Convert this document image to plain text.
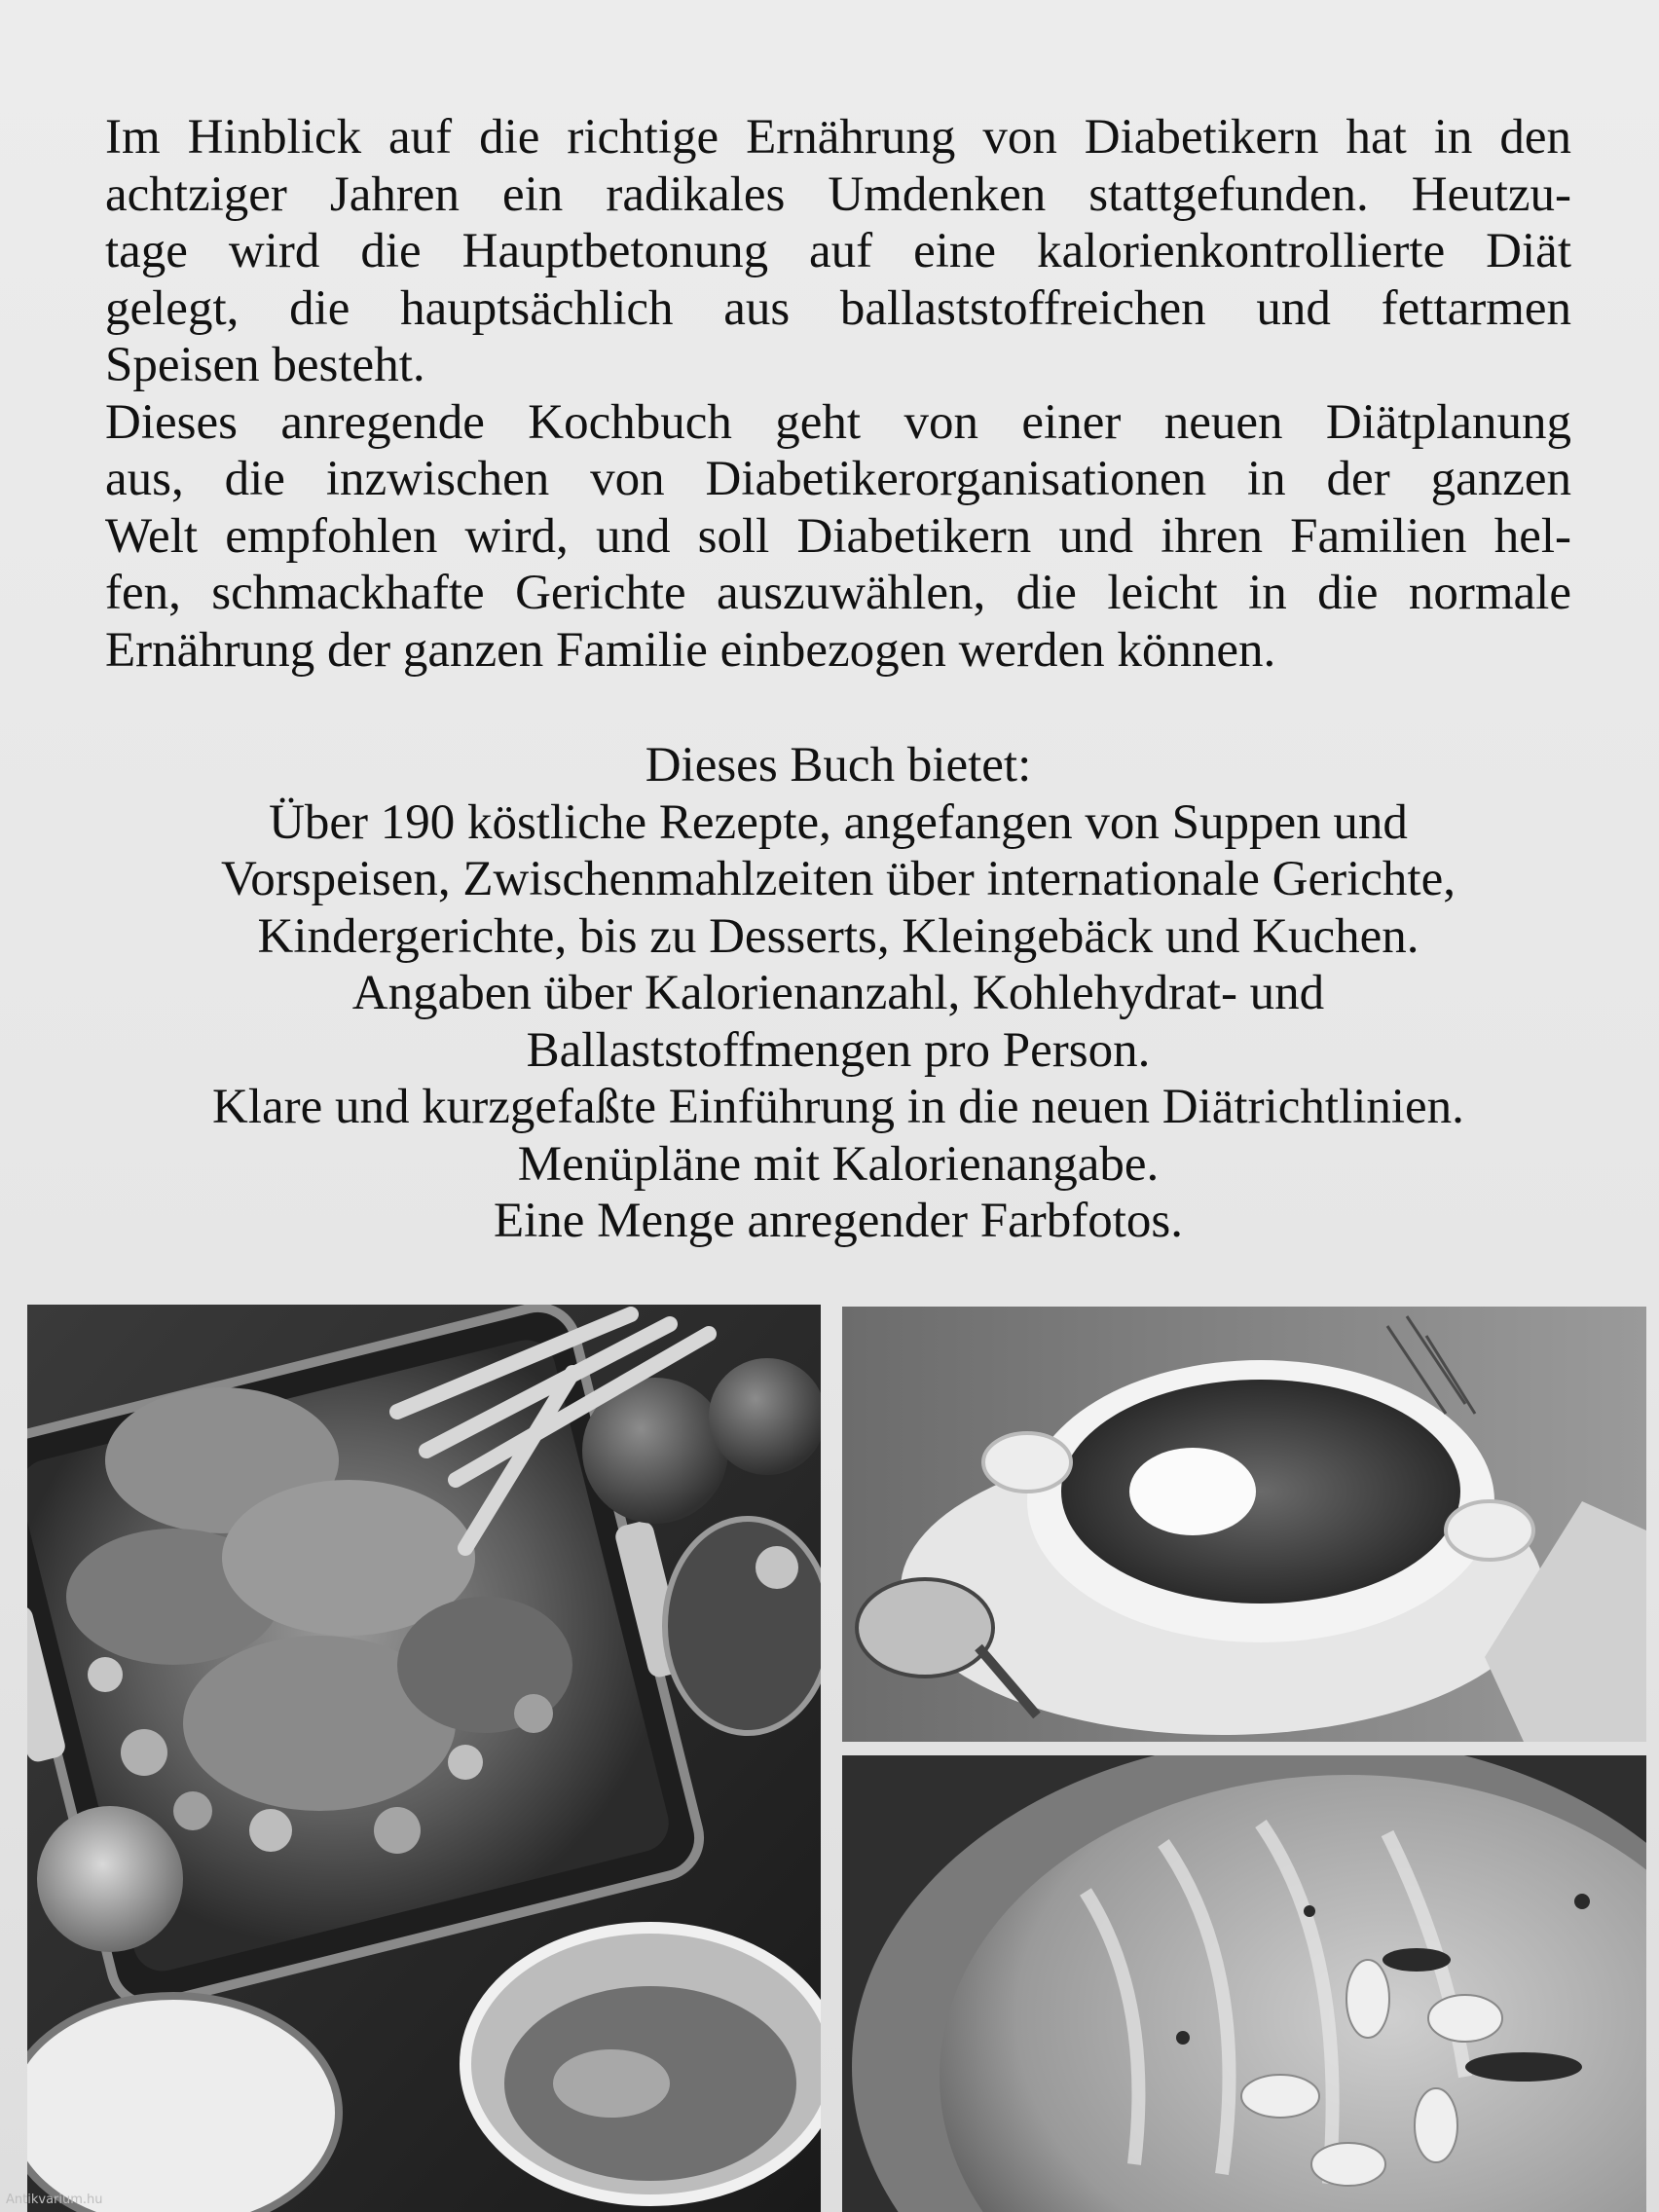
Im Hinblick auf die richtige Ernährung von Diabetikern hat in den
achtziger Jahren ein radikales Umdenken stattgefunden. Heutzu-
tage wird die Hauptbetonung auf eine kalorienkontrollierte Diät
gelegt, die hauptsächlich aus ballaststoffreichen und fettarmen
Speisen besteht.

Dieses anregende Kochbuch geht von einer neuen Diätplanung
aus, die inzwischen von Diabetikerorganisationen in der ganzen
Welt empfohlen wird, und soll Diabetikern und ihren Familien hel-
fen, schmackhafte Gerichte auszuwählen, die leicht in die normale
Ernährung der ganzen Familie einbezogen werden können.

Dieses Buch bietet:
Über 190 köstliche Rezepte, angefangen von Suppen und
Vorspeisen, Zwischenmahlzeiten über internationale Gerichte,
Kindergerichte, bis zu Desserts, Kleingebäck und Kuchen.
Angaben über Kalorienanzahl, Kohlehydrat- und
Ballaststoffmengen pro Person.
Klare und kurzgefaßte Einführung in die neuen Diätrichtlinien.
Menüpläne mit Kalorienangabe.
Eine Menge anregender Farbfotos.
Antikvarium.hu
